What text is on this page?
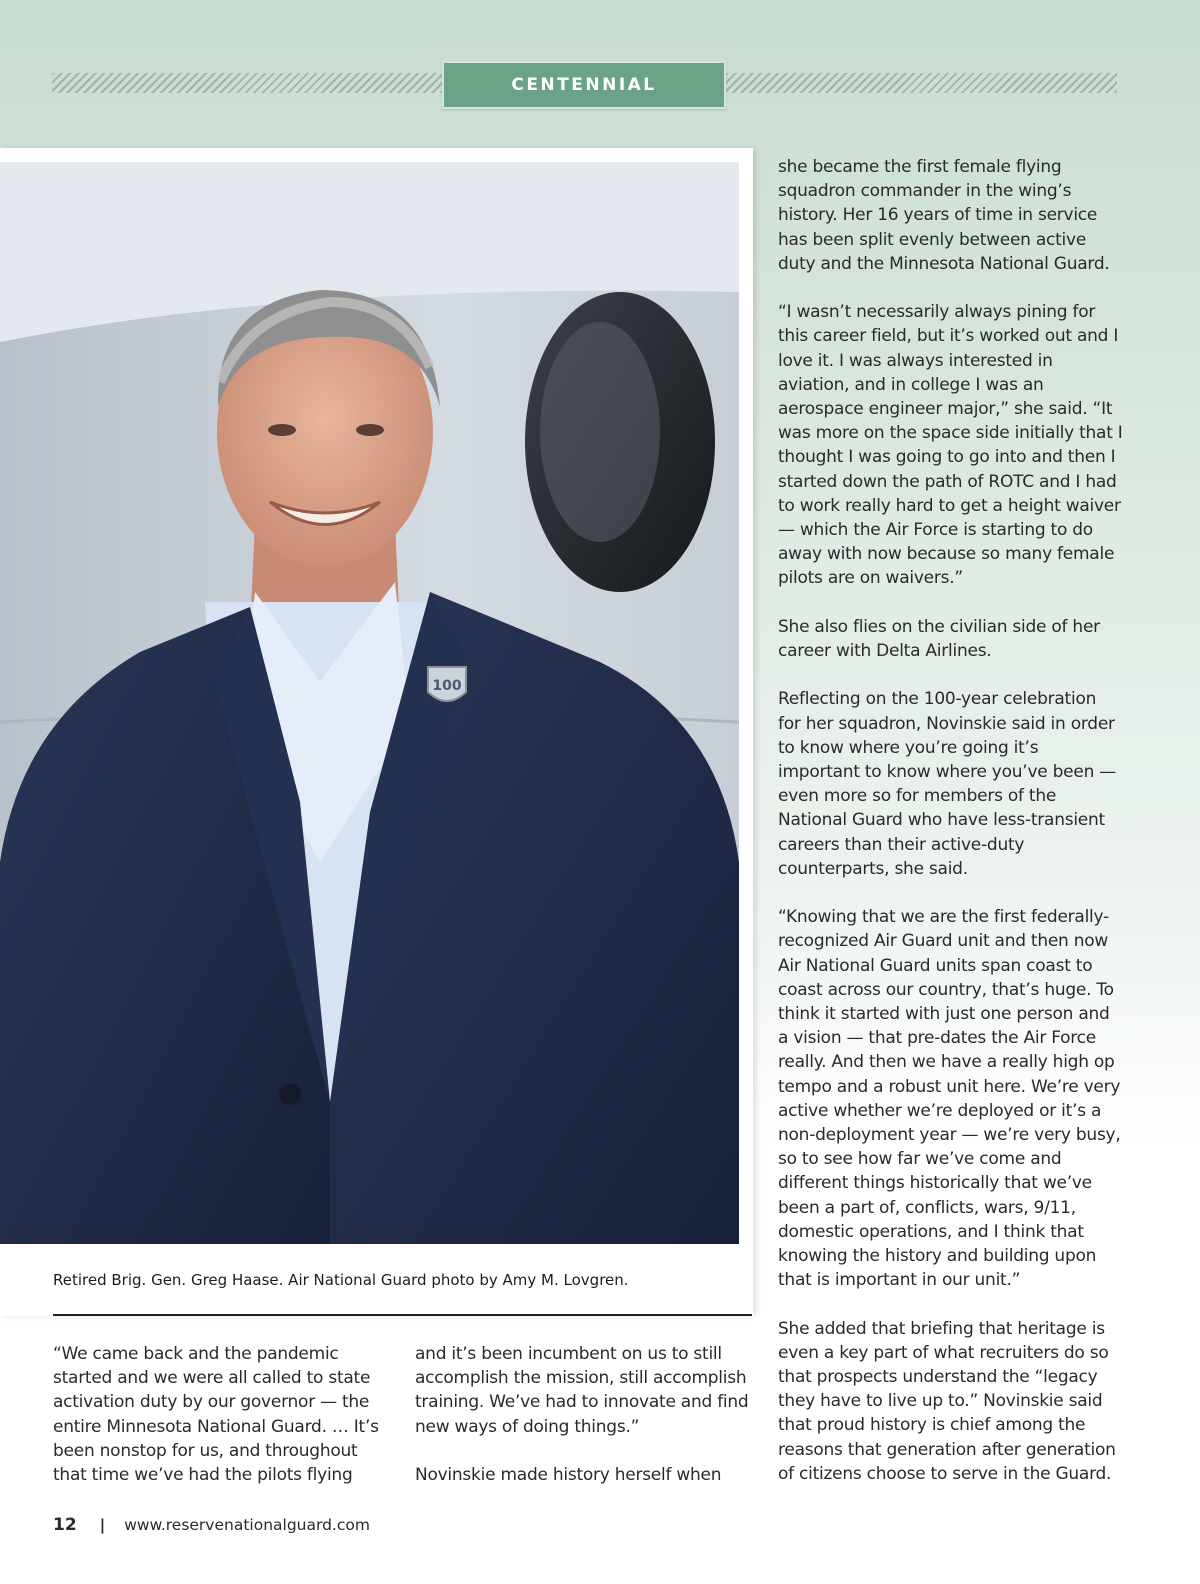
CENTENNIAL
100
Retired Brig. Gen. Greg Haase. Air National Guard photo by Amy M. Lovgren.

“We came back and the pandemic started and we were all called to state activation duty by our governor — the entire Minnesota National Guard. … It’s been nonstop for us, and throughout that time we’ve had the pilots flying

and it’s been incumbent on us to still accomplish the mission, still accomplish training. We’ve had to innovate and find new ways of doing things.”

Novinskie made history herself when

she became the first female flying squadron commander in the wing’s history. Her 16 years of time in service has been split evenly between active duty and the Minnesota National Guard.

“I wasn’t necessarily always pining for this career field, but it’s worked out and I love it. I was always interested in aviation, and in college I was an aerospace engineer major,” she said. “It was more on the space side initially that I thought I was going to go into and then I started down the path of ROTC and I had to work really hard to get a height waiver — which the Air Force is starting to do away with now because so many female pilots are on waivers.”

She also flies on the civilian side of her career with Delta Airlines.

Reflecting on the 100-year celebration for her squadron, Novinskie said in order to know where you’re going it’s important to know where you’ve been — even more so for members of the National Guard who have less-transient careers than their active-duty counterparts, she said.

“Knowing that we are the first federally-recognized Air Guard unit and then now Air National Guard units span coast to coast across our country, that’s huge. To think it started with just one person and a vision — that pre-dates the Air Force really. And then we have a really high op tempo and a robust unit here. We’re very active whether we’re deployed or it’s a non-deployment year — we’re very busy, so to see how far we’ve come and different things historically that we’ve been a part of, conflicts, wars, 9/11, domestic operations, and I think that knowing the history and building upon that is important in our unit.”

She added that briefing that heritage is even a key part of what recruiters do so that prospects understand the “legacy they have to live up to.” Novinskie said that proud history is chief among the reasons that generation after generation of citizens choose to serve in the Guard.

12 | www.reservenationalguard.com
